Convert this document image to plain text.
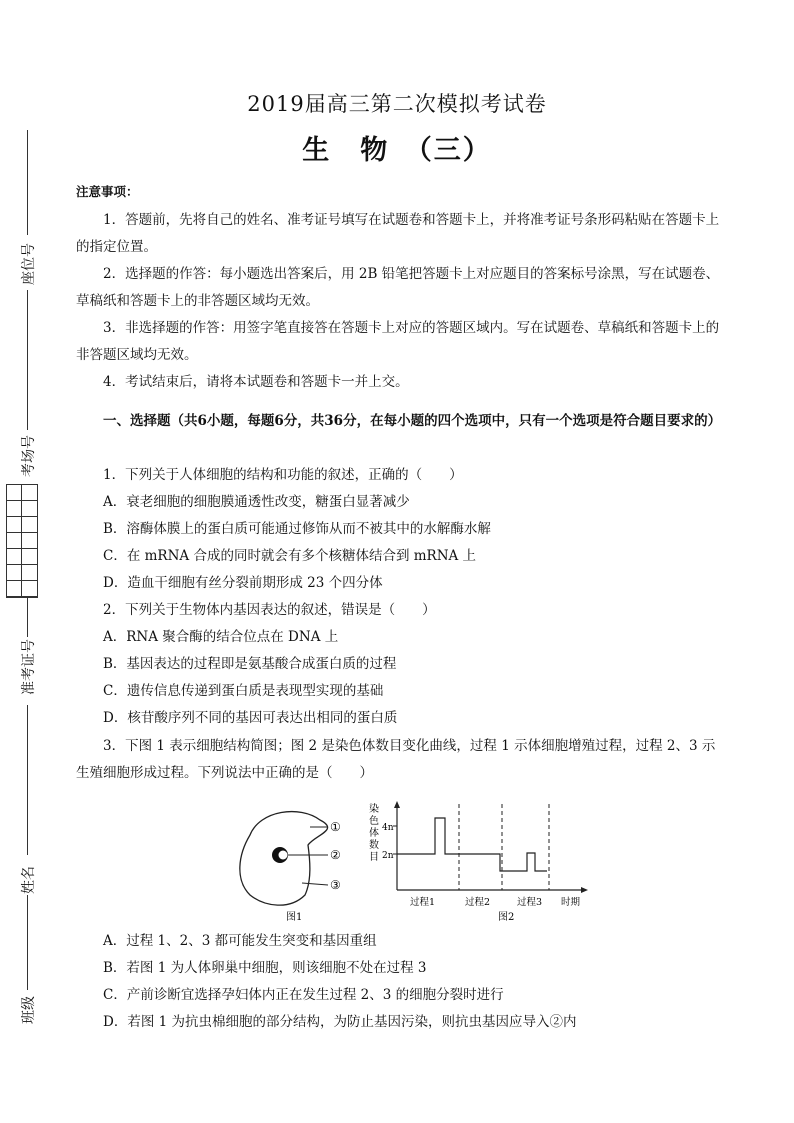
2019届高三第二次模拟考试卷
生　物　（三）
座位号
考场号
准考证号
姓名
班级
注意事项：
1．答题前，先将自己的姓名、准考证号填写在试题卷和答题卡上，并将准考证号条形码粘贴在答题卡上的指定位置。
2．选择题的作答：每小题选出答案后，用 2B 铅笔把答题卡上对应题目的答案标号涂黑，写在试题卷、草稿纸和答题卡上的非答题区域均无效。
3．非选择题的作答：用签字笔直接答在答题卡上对应的答题区域内。写在试题卷、草稿纸和答题卡上的非答题区域均无效。
4．考试结束后，请将本试题卷和答题卡一并上交。
一、选择题（共6小题，每题6分，共36分，在每小题的四个选项中，只有一个选项是符合题目要求的）
1．下列关于人体细胞的结构和功能的叙述，正确的（　　）
A．衰老细胞的细胞膜通透性改变，糖蛋白显著减少
B．溶酶体膜上的蛋白质可能通过修饰从而不被其中的水解酶水解
C．在 mRNA 合成的同时就会有多个核糖体结合到 mRNA 上
D．造血干细胞有丝分裂前期形成 23 个四分体
2．下列关于生物体内基因表达的叙述，错误是（　　）
A．RNA 聚合酶的结合位点在 DNA 上
B．基因表达的过程即是氨基酸合成蛋白质的过程
C．遗传信息传递到蛋白质是表现型实现的基础
D．核苷酸序列不同的基因可表达出相同的蛋白质
3．下图 1 表示细胞结构简图；图 2 是染色体数目变化曲线，过程 1 示体细胞增殖过程，过程 2、3 示生殖细胞形成过程。下列说法中正确的是（　　）
①
②
③
图1
染
色
体
数
目
4n
2n
过程1	过程2	过程3 时期
图2
A．过程 1、2、3 都可能发生突变和基因重组
B．若图 1 为人体卵巢中细胞，则该细胞不处在过程 3
C．产前诊断宜选择孕妇体内正在发生过程 2、3 的细胞分裂时进行
D．若图 1 为抗虫棉细胞的部分结构，为防止基因污染，则抗虫基因应导入②内
